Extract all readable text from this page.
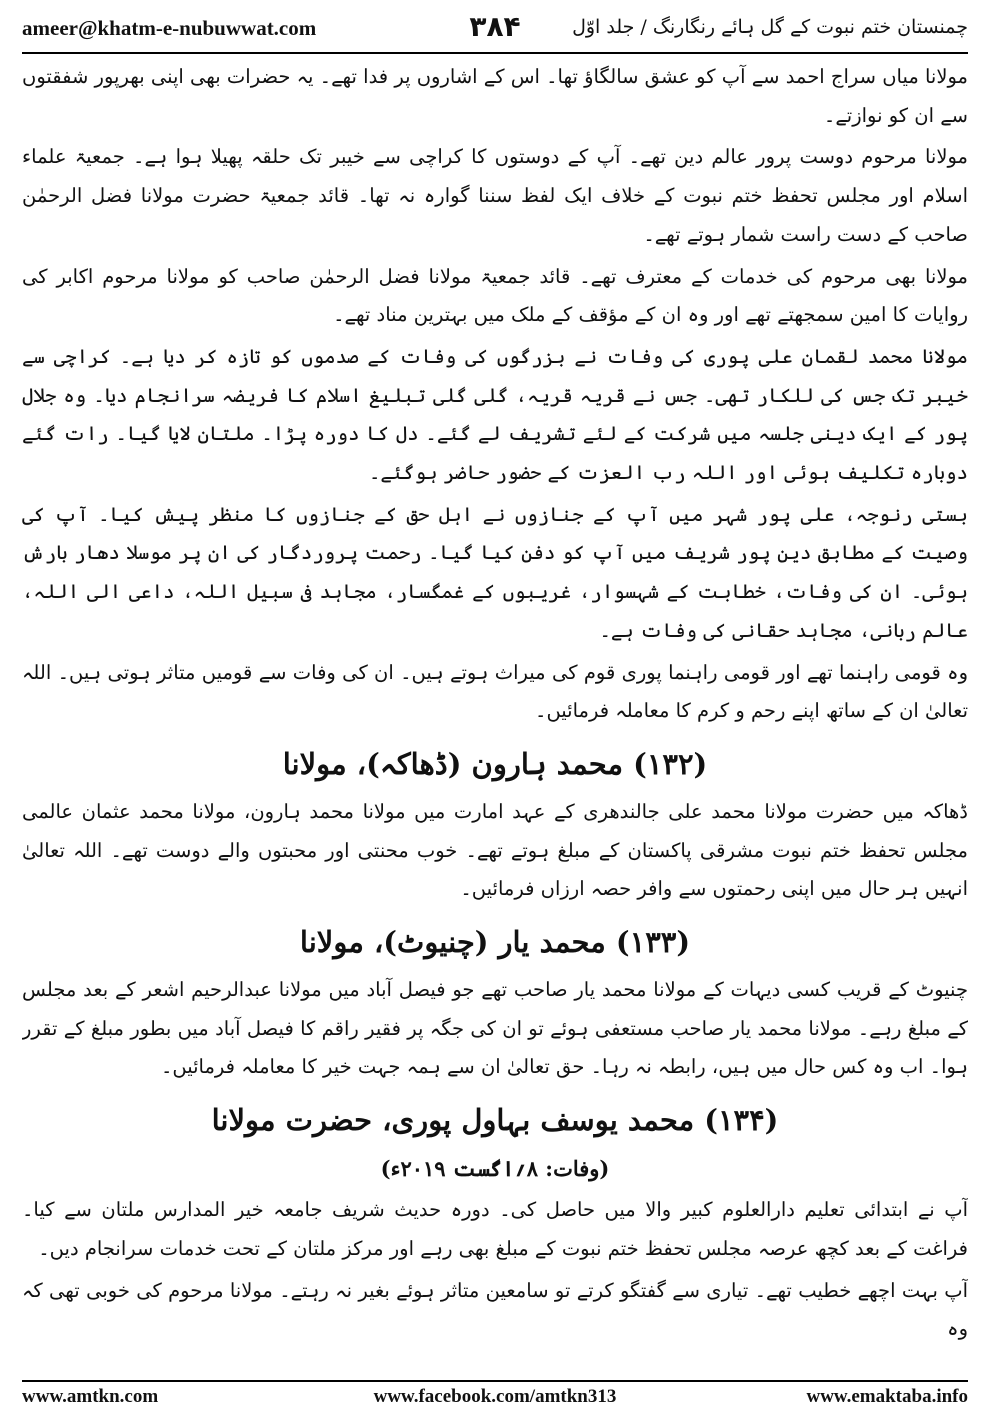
ameer@khatm-e-nubuwwat.com	۳۸۴	چمنستان ختم نبوت کے گل ہائے رنگارنگ / جلد اوّل

مولانا میاں سراج احمد سے آپ کو عشق سالگاؤ تھا۔ اس کے اشاروں پر فدا تھے۔ یہ حضرات بھی اپنی بھرپور شفقتوں سے ان کو نوازتے۔

مولانا مرحوم دوست پرور عالم دین تھے۔ آپ کے دوستوں کا کراچی سے خیبر تک حلقہ پھیلا ہوا ہے۔ جمعیۃ علماء اسلام اور مجلس تحفظ ختم نبوت کے خلاف ایک لفظ سننا گوارہ نہ تھا۔ قائد جمعیۃ حضرت مولانا فضل الرحمٰن صاحب کے دست راست شمار ہوتے تھے۔

مولانا بھی مرحوم کی خدمات کے معترف تھے۔ قائد جمعیۃ مولانا فضل الرحمٰن صاحب کو مولانا مرحوم اکابر کی روایات کا امین سمجھتے تھے اور وہ ان کے مؤقف کے ملک میں بہترین مناد تھے۔

مولانا محمد لقمان علی پوری کی وفات نے بزرگوں کی وفات کے صدموں کو تازہ کر دیا ہے۔ کراچی سے خیبر تک جس کی للکار تھی۔ جس نے قریہ قریہ، گلی گلی تبلیغ اسلام کا فریضہ سرانجام دیا۔ وہ جلال پور کے ایک دینی جلسہ میں شرکت کے لئے تشریف لے گئے۔ دل کا دورہ پڑا۔ ملتان لایا گیا۔ رات گئے دوبارہ تکلیف ہوئی اور اللہ رب العزت کے حضور حاضر ہوگئے۔

بستی رنوجہ، علی پور شہر میں آپ کے جنازوں نے اہل حق کے جنازوں کا منظر پیش کیا۔ آپ کی وصیت کے مطابق دین پور شریف میں آپ کو دفن کیا گیا۔ رحمت پروردگار کی ان پر موسلا دھار بارش ہوئی۔ ان کی وفات، خطابت کے شہسوار، غریبوں کے غمگسار، مجاہد فی سبیل اللہ، داعی الی اللہ، عالم ربانی، مجاہد حقانی کی وفات ہے۔

وہ قومی راہنما تھے اور قومی راہنما پوری قوم کی میراث ہوتے ہیں۔ ان کی وفات سے قومیں متاثر ہوتی ہیں۔ اللہ تعالیٰ ان کے ساتھ اپنے رحم و کرم کا معاملہ فرمائیں۔

(۱۳۲) محمد ہارون (ڈھاکہ)، مولانا

ڈھاکہ میں حضرت مولانا محمد علی جالندھری کے عہد امارت میں مولانا محمد ہارون، مولانا محمد عثمان عالمی مجلس تحفظ ختم نبوت مشرقی پاکستان کے مبلغ ہوتے تھے۔ خوب محنتی اور محبتوں والے دوست تھے۔ اللہ تعالیٰ انہیں ہر حال میں اپنی رحمتوں سے وافر حصہ ارزاں فرمائیں۔

(۱۳۳) محمد یار (چنیوٹ)، مولانا

چنیوٹ کے قریب کسی دیہات کے مولانا محمد یار صاحب تھے جو فیصل آباد میں مولانا عبدالرحیم اشعر کے بعد مجلس کے مبلغ رہے۔ مولانا محمد یار صاحب مستعفی ہوئے تو ان کی جگہ پر فقیر راقم کا فیصل آباد میں بطور مبلغ کے تقرر ہوا۔ اب وہ کس حال میں ہیں، رابطہ نہ رہا۔ حق تعالیٰ ان سے ہمہ جہت خیر کا معاملہ فرمائیں۔

(۱۳۴) محمد یوسف بہاول پوری، حضرت مولانا
(وفات: ۸؍اگست ۲۰۱۹ء)

آپ نے ابتدائی تعلیم دارالعلوم کبیر والا میں حاصل کی۔ دورہ حدیث شریف جامعہ خیر المدارس ملتان سے کیا۔ فراغت کے بعد کچھ عرصہ مجلس تحفظ ختم نبوت کے مبلغ بھی رہے اور مرکز ملتان کے تحت خدمات سرانجام دیں۔

آپ بہت اچھے خطیب تھے۔ تیاری سے گفتگو کرتے تو سامعین متاثر ہوئے بغیر نہ رہتے۔ مولانا مرحوم کی خوبی تھی کہ وہ

www.amtkn.com	www.facebook.com/amtkn313	www.emaktaba.info
